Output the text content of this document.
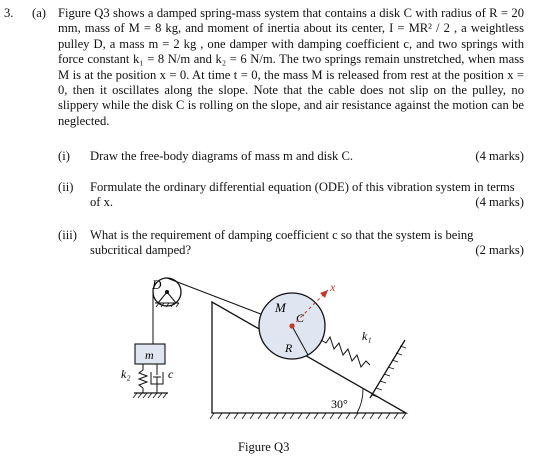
3. (a) Figure Q3 shows a damped spring-mass system that contains a disk C with radius of R = 20 mm, mass of M = 8 kg, and moment of inertia about its center, I = MR² / 2 , a weightless pulley D, a mass m = 2 kg , one damper with damping coefficient c, and two springs with force constant k₁ = 8 N/m and k₂ = 6 N/m. The two springs remain unstretched, when mass M is at the position x = 0. At time t = 0, the mass M is released from rest at the position x = 0, then it oscillates along the slope. Note that the cable does not slip on the pulley, no slippery while the disk C is rolling on the slope, and air resistance against the motion can be neglected.
(i) Draw the free-body diagrams of mass m and disk C.	(4 marks)
(ii) Formulate the ordinary differential equation (ODE) of this vibration system in terms of x.	(4 marks)
(iii) What is the requirement of damping coefficient c so that the system is being subcritical damped?	(2 marks)
D
m
k₂	c
30°
M
C
R
k₁
x
Figure Q3
